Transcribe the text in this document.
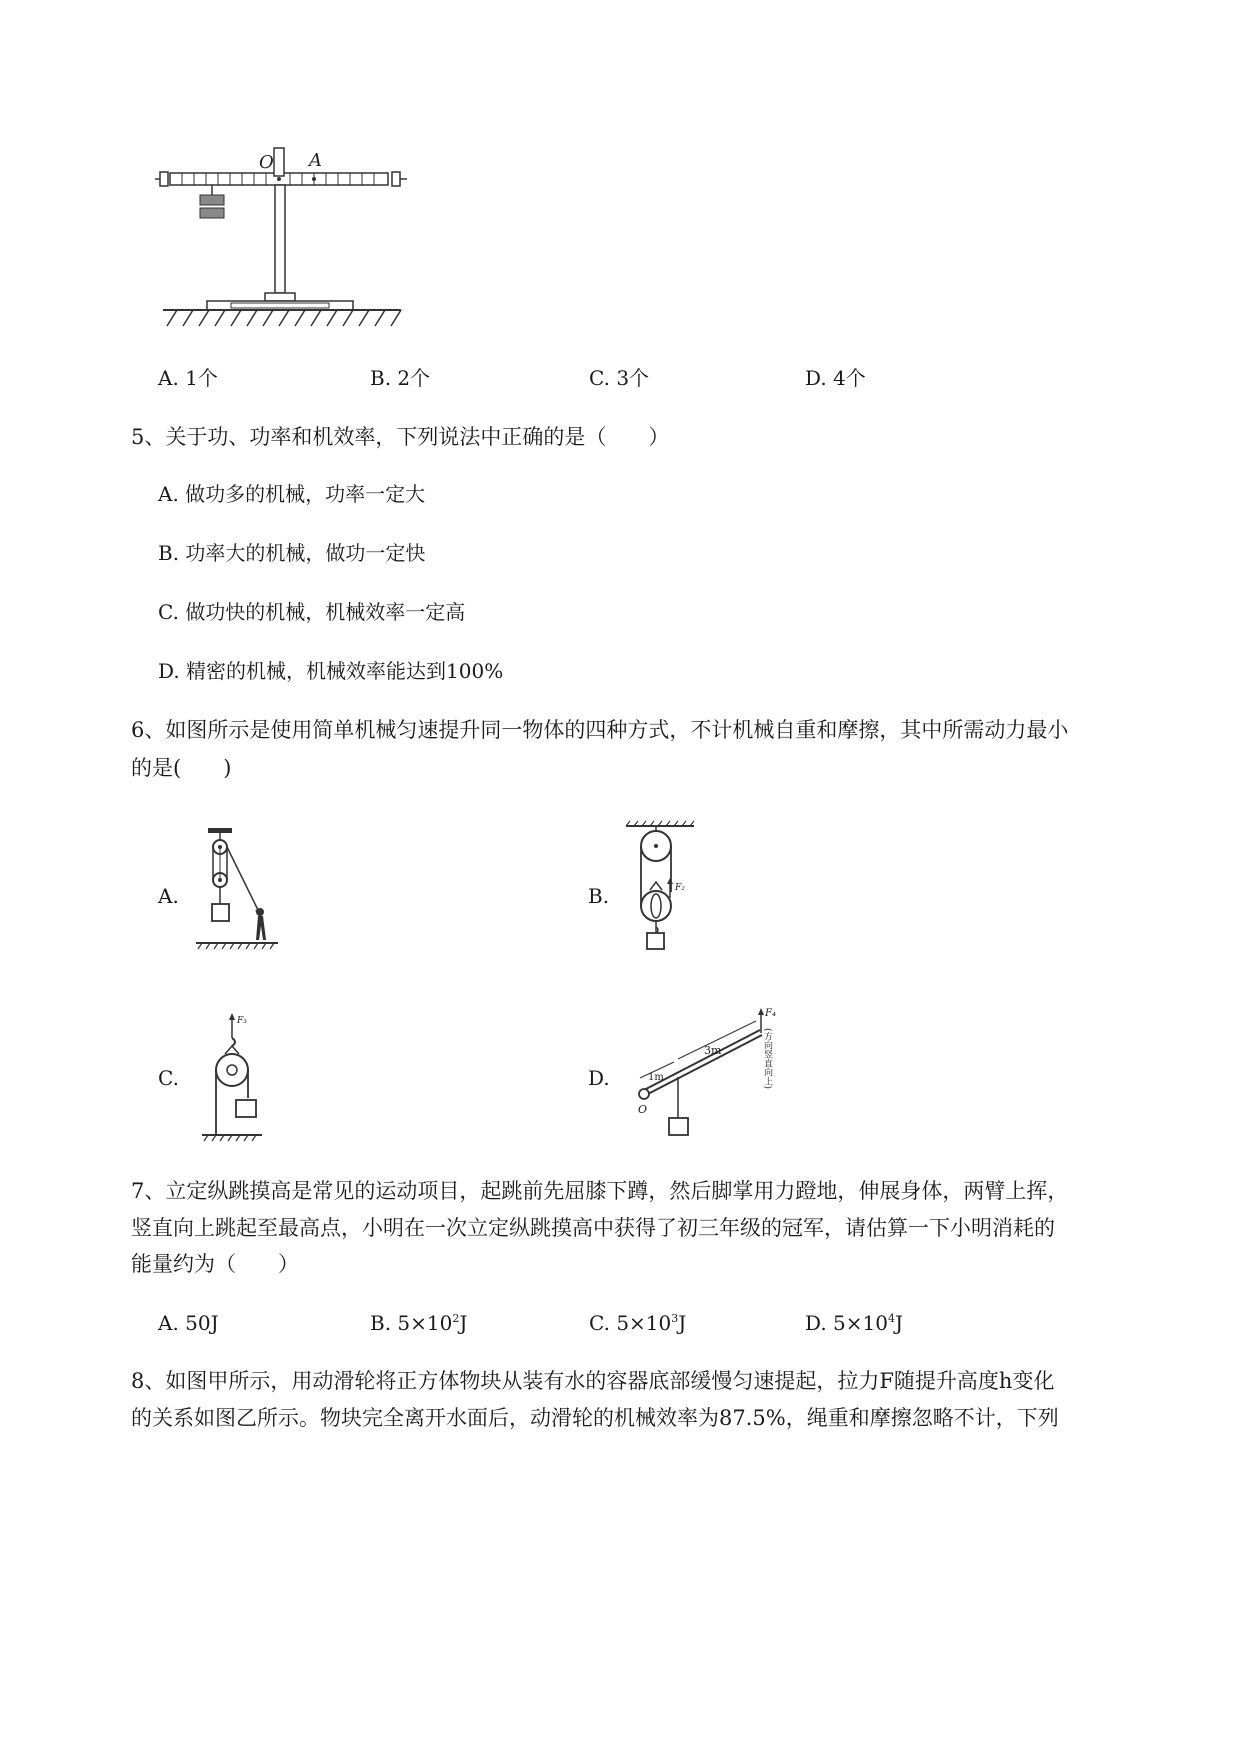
O A
A. 1个	B. 2个	C. 3个	D. 4个
5、关于功、功率和机效率，下列说法中正确的是（　　）
A. 做功多的机械，功率一定大
B. 功率大的机械，做功一定快
C. 做功快的机械，机械效率一定高
D. 精密的机械，机械效率能达到100%
6、如图所示是使用简单机械匀速提升同一物体的四种方式，不计机械自重和摩擦，其中所需动力最小
的是(　　)
A.	B.	F₂
C.
F₃
D.
O
1m
3m
F₄
(方向竖直向上)
7、立定纵跳摸高是常见的运动项目，起跳前先屈膝下蹲，然后脚掌用力蹬地，伸展身体，两臂上挥，
竖直向上跳起至最高点，小明在一次立定纵跳摸高中获得了初三年级的冠军，请估算一下小明消耗的
能量约为（　　）
A. 50J	B. $5\times 10^2J$	C. $5\times 10^3J$	D. $5\times 10^4J$
8、如图甲所示，用动滑轮将正方体物块从装有水的容器底部缓慢匀速提起，拉力F随提升高度h变化
的关系如图乙所示。物块完全离开水面后，动滑轮的机械效率为87.5%，绳重和摩擦忽略不计，下列
